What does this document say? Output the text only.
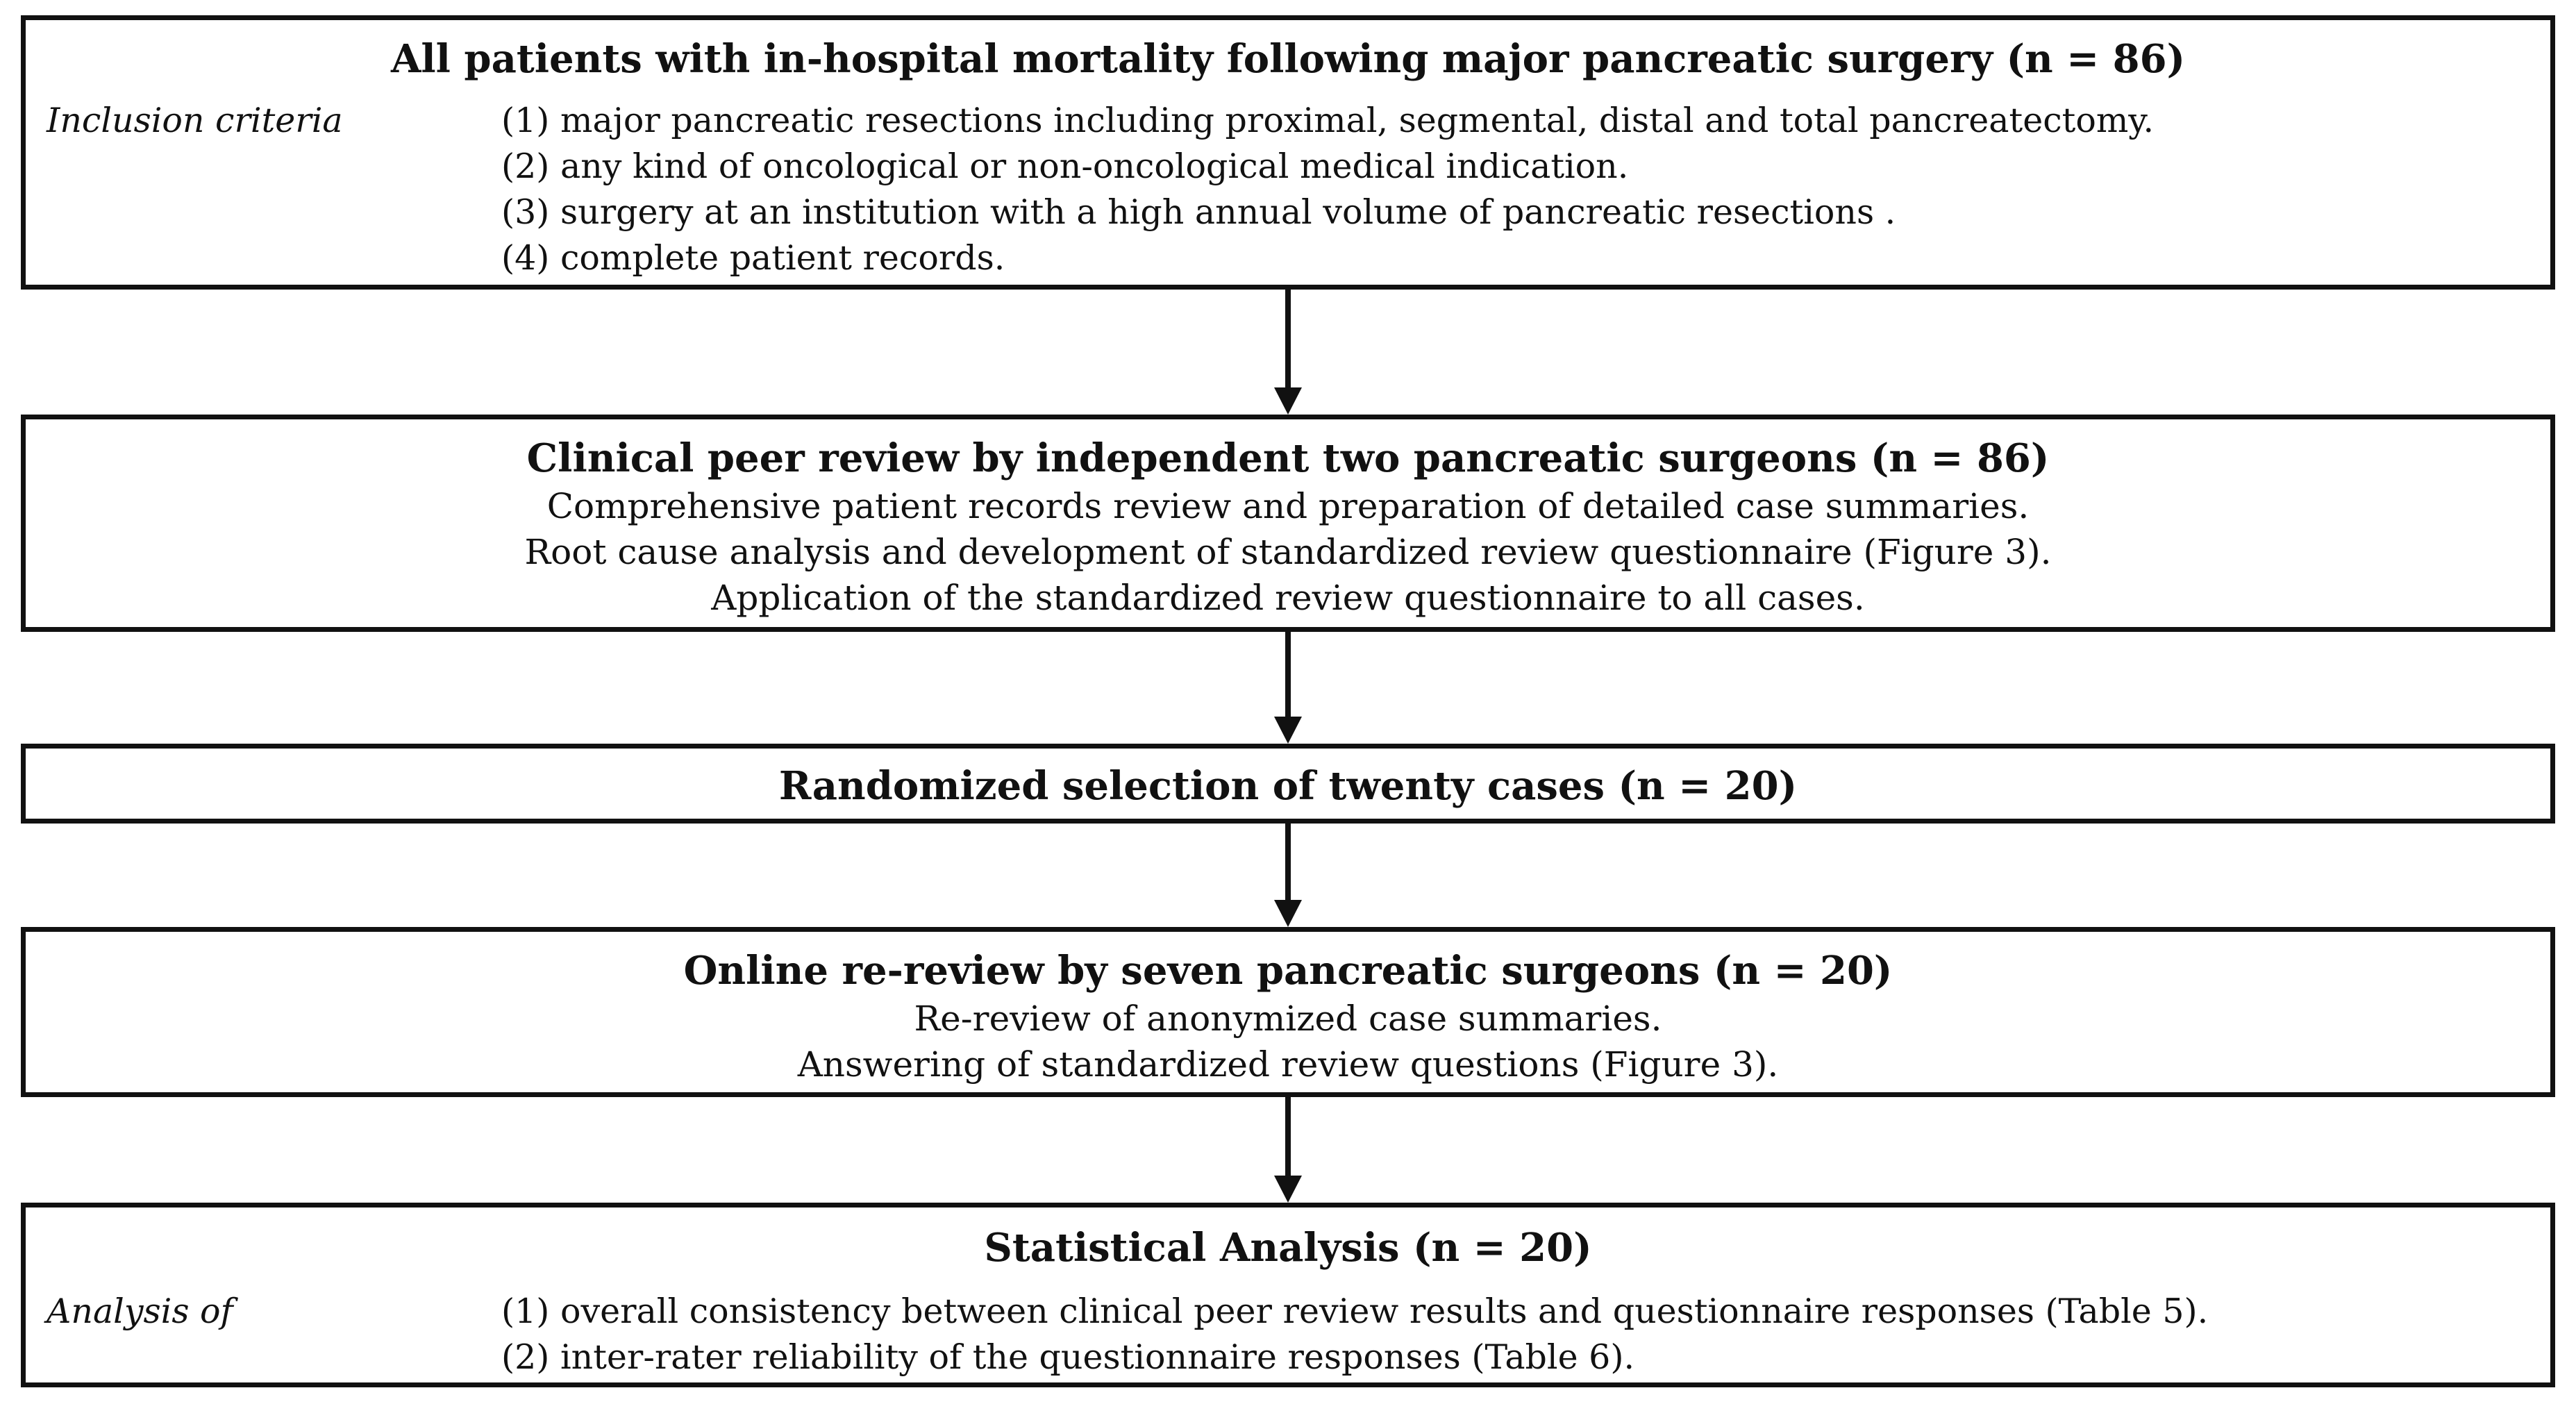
All patients with in-hospital mortality following major pancreatic surgery (n = 86)
Inclusion criteria	(1) major pancreatic resections including proximal, segmental, distal and total pancreatectomy.
(2) any kind of oncological or non-oncological medical indication.
(3) surgery at an institution with a high annual volume of pancreatic resections .
(4) complete patient records.
Clinical peer review by independent two pancreatic surgeons (n = 86)
Comprehensive patient records review and preparation of detailed case summaries.
Root cause analysis and development of standardized review questionnaire (Figure 3).
Application of the standardized review questionnaire to all cases.
Randomized selection of twenty cases (n = 20)
Online re-review by seven pancreatic surgeons (n = 20)
Re-review of anonymized case summaries.
Answering of standardized review questions (Figure 3).
Statistical Analysis (n = 20)
Analysis of	(1) overall consistency between clinical peer review results and questionnaire responses (Table 5).
(2) inter-rater reliability of the questionnaire responses (Table 6).
